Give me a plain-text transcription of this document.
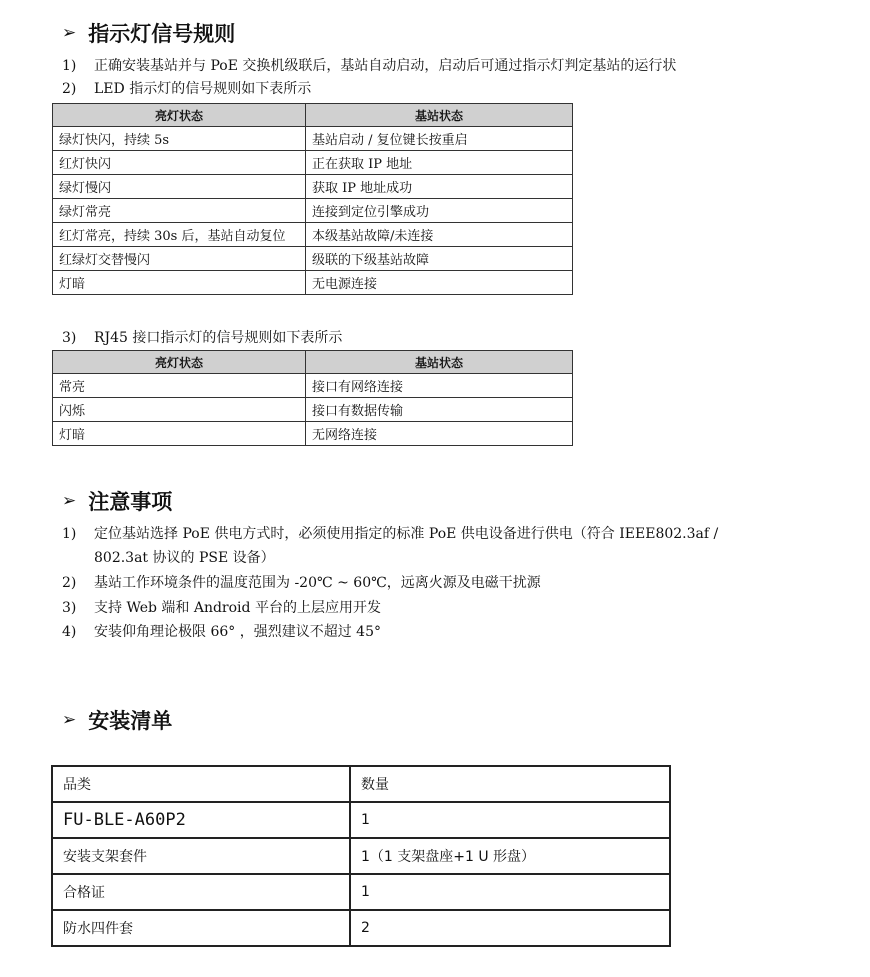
➢ 指示灯信号规则
1) 正确安装基站并与 PoE 交换机级联后，基站自动启动，启动后可通过指示灯判定基站的运行状
2) LED 指示灯的信号规则如下表所示
亮灯状态	基站状态
绿灯快闪，持续 5s	基站启动 / 复位键长按重启
红灯快闪	正在获取 IP 地址
绿灯慢闪	获取 IP 地址成功
绿灯常亮	连接到定位引擎成功
红灯常亮，持续 30s 后，基站自动复位	本级基站故障/未连接
红绿灯交替慢闪	级联的下级基站故障
灯暗	无电源连接
3) RJ45 接口指示灯的信号规则如下表所示
亮灯状态	基站状态
常亮	接口有网络连接
闪烁	接口有数据传输
灯暗	无网络连接
➢ 注意事项
1) 定位基站选择 PoE 供电方式时，必须使用指定的标准 PoE 供电设备进行供电（符合 IEEE802.3af /
802.3at 协议的 PSE 设备）
2) 基站工作环境条件的温度范围为 -20℃ ~ 60℃，远离火源及电磁干扰源
3) 支持 Web 端和 Android 平台的上层应用开发
4) 安装仰角理论极限 66° ，强烈建议不超过 45°
➢ 安装清单
品类	数量
FU-BLE-A60P2	1
安装支架套件	1（1 支架盘座+1 U 形盘）
合格证	1
防水四件套	2
